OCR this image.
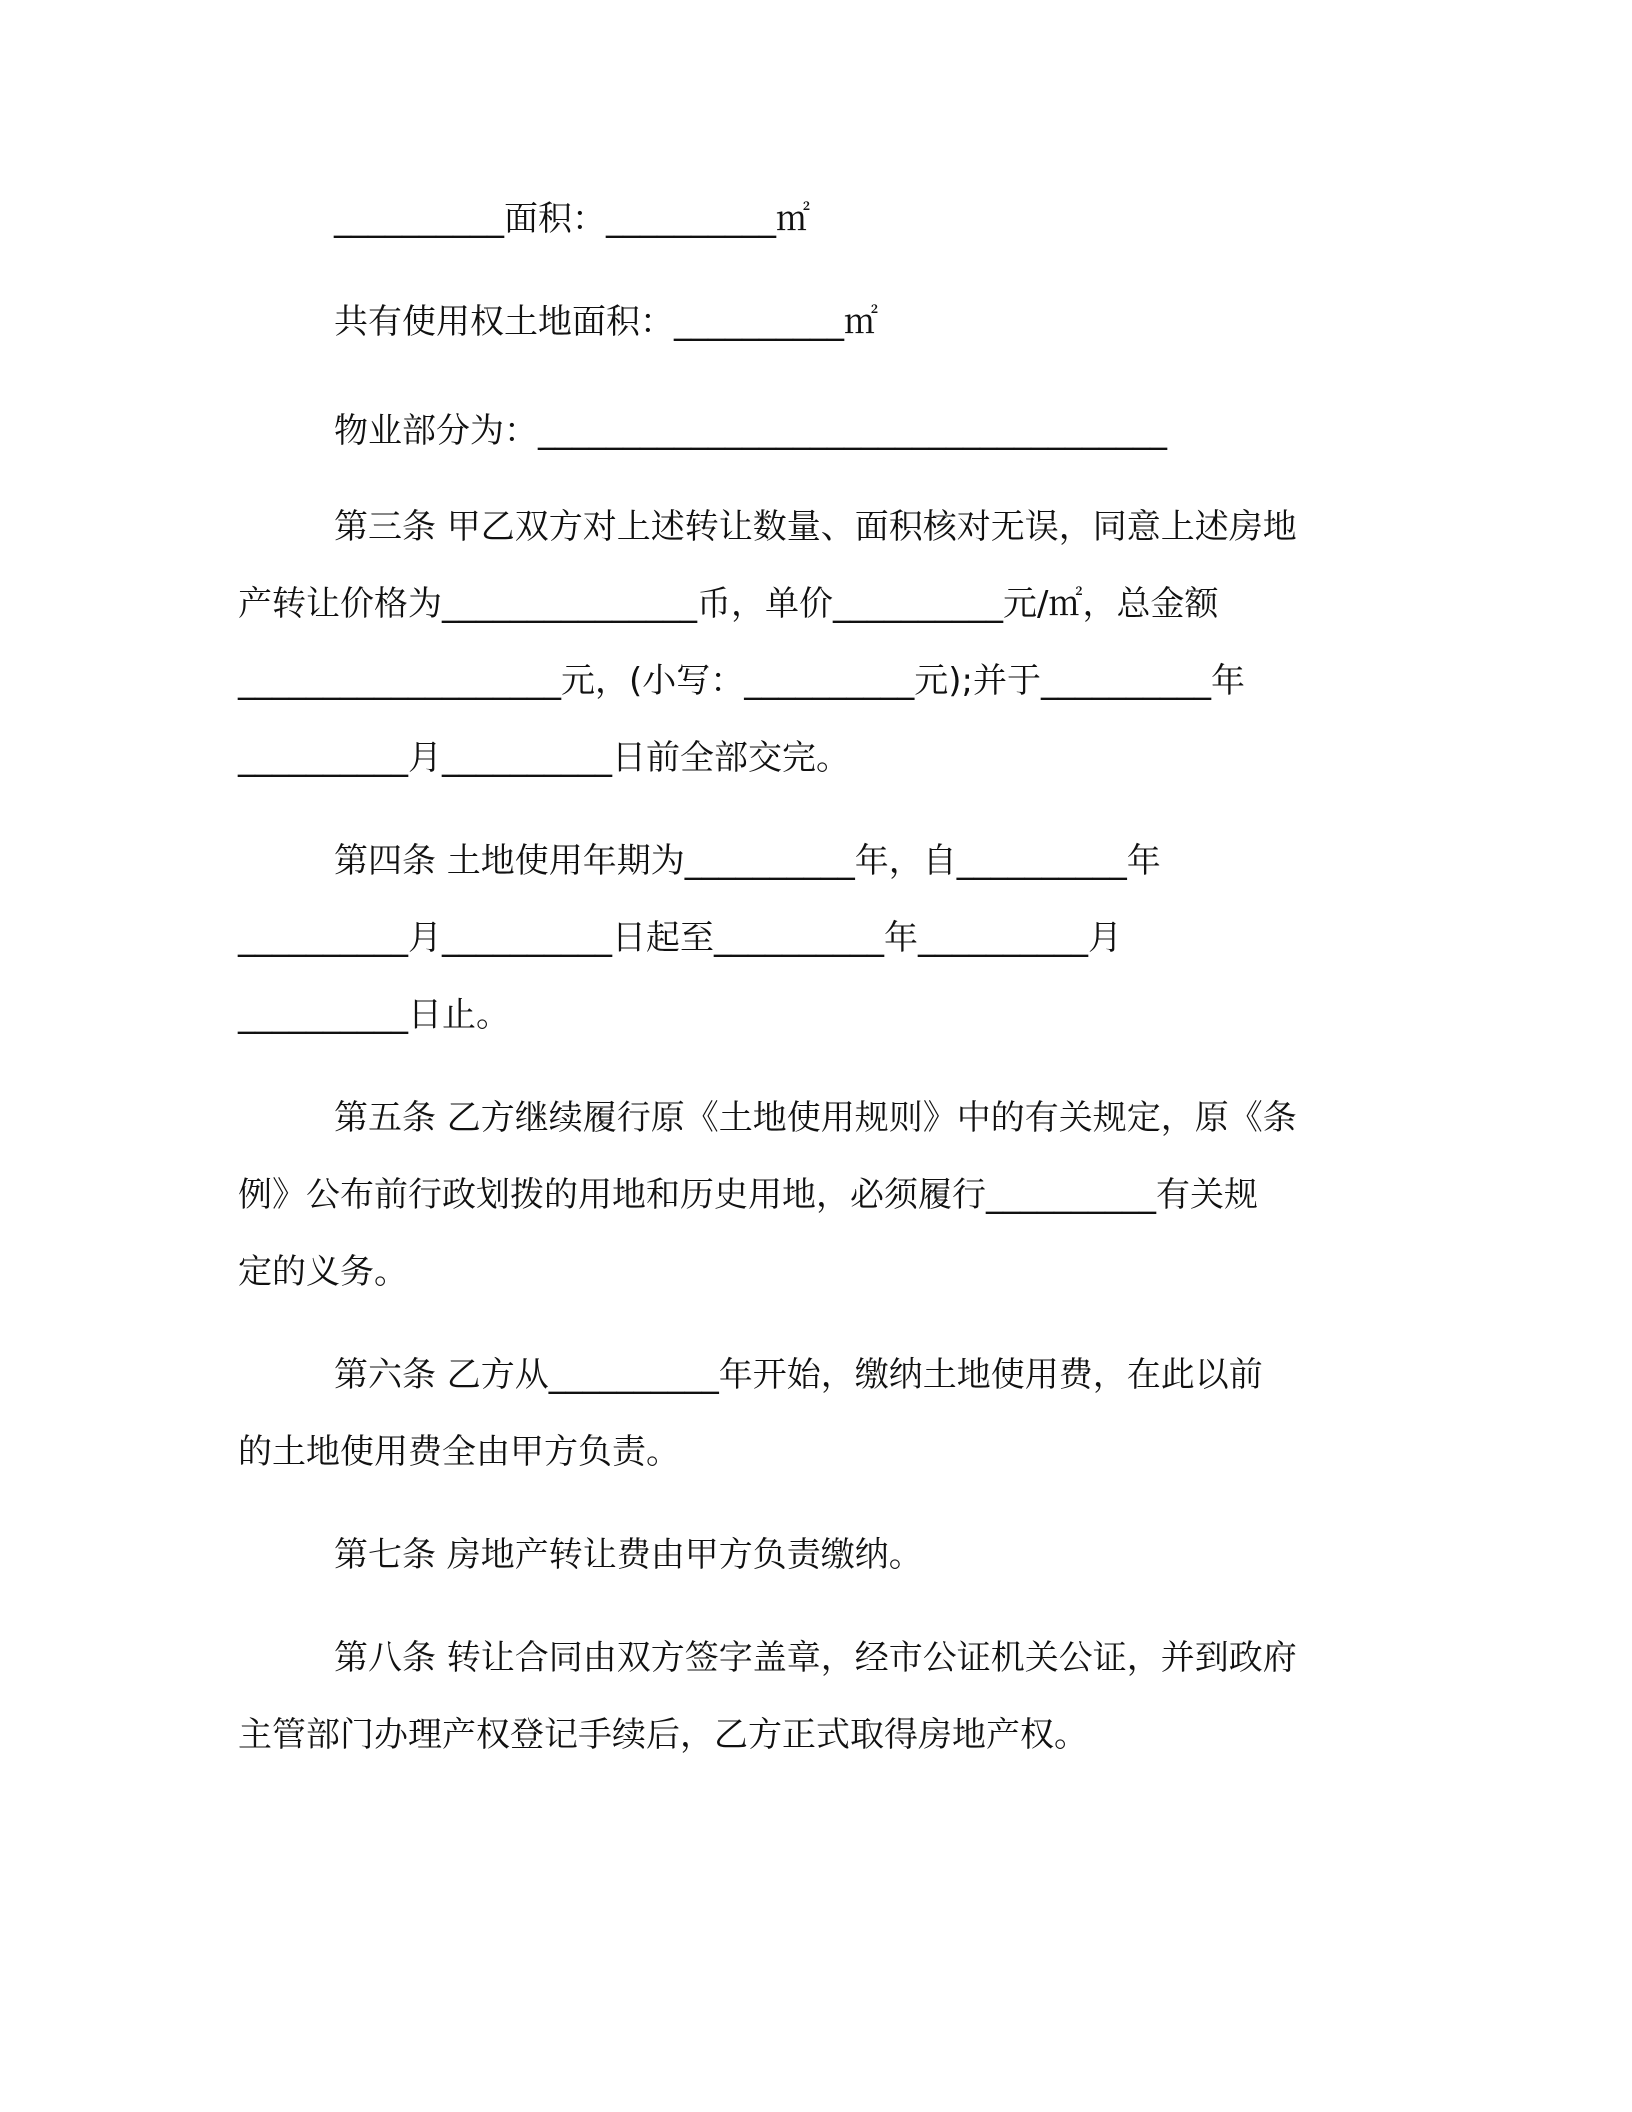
__________面积：__________㎡

共有使用权土地面积：__________㎡

物业部分为：_____________________________________

第三条 甲乙双方对上述转让数量、面积核对无误，同意上述房地

产转让价格为_______________币，单价__________元/㎡，总金额

___________________元，(小写：__________元);并于__________年

__________月__________日前全部交完。

第四条 土地使用年期为__________年，自__________年

__________月__________日起至__________年__________月

__________日止。

第五条 乙方继续履行原《土地使用规则》中的有关规定，原《条

例》公布前行政划拨的用地和历史用地，必须履行__________有关规

定的义务。

第六条 乙方从__________年开始，缴纳土地使用费，在此以前

的土地使用费全由甲方负责。

第七条 房地产转让费由甲方负责缴纳。

第八条 转让合同由双方签字盖章，经市公证机关公证，并到政府

主管部门办理产权登记手续后，乙方正式取得房地产权。
